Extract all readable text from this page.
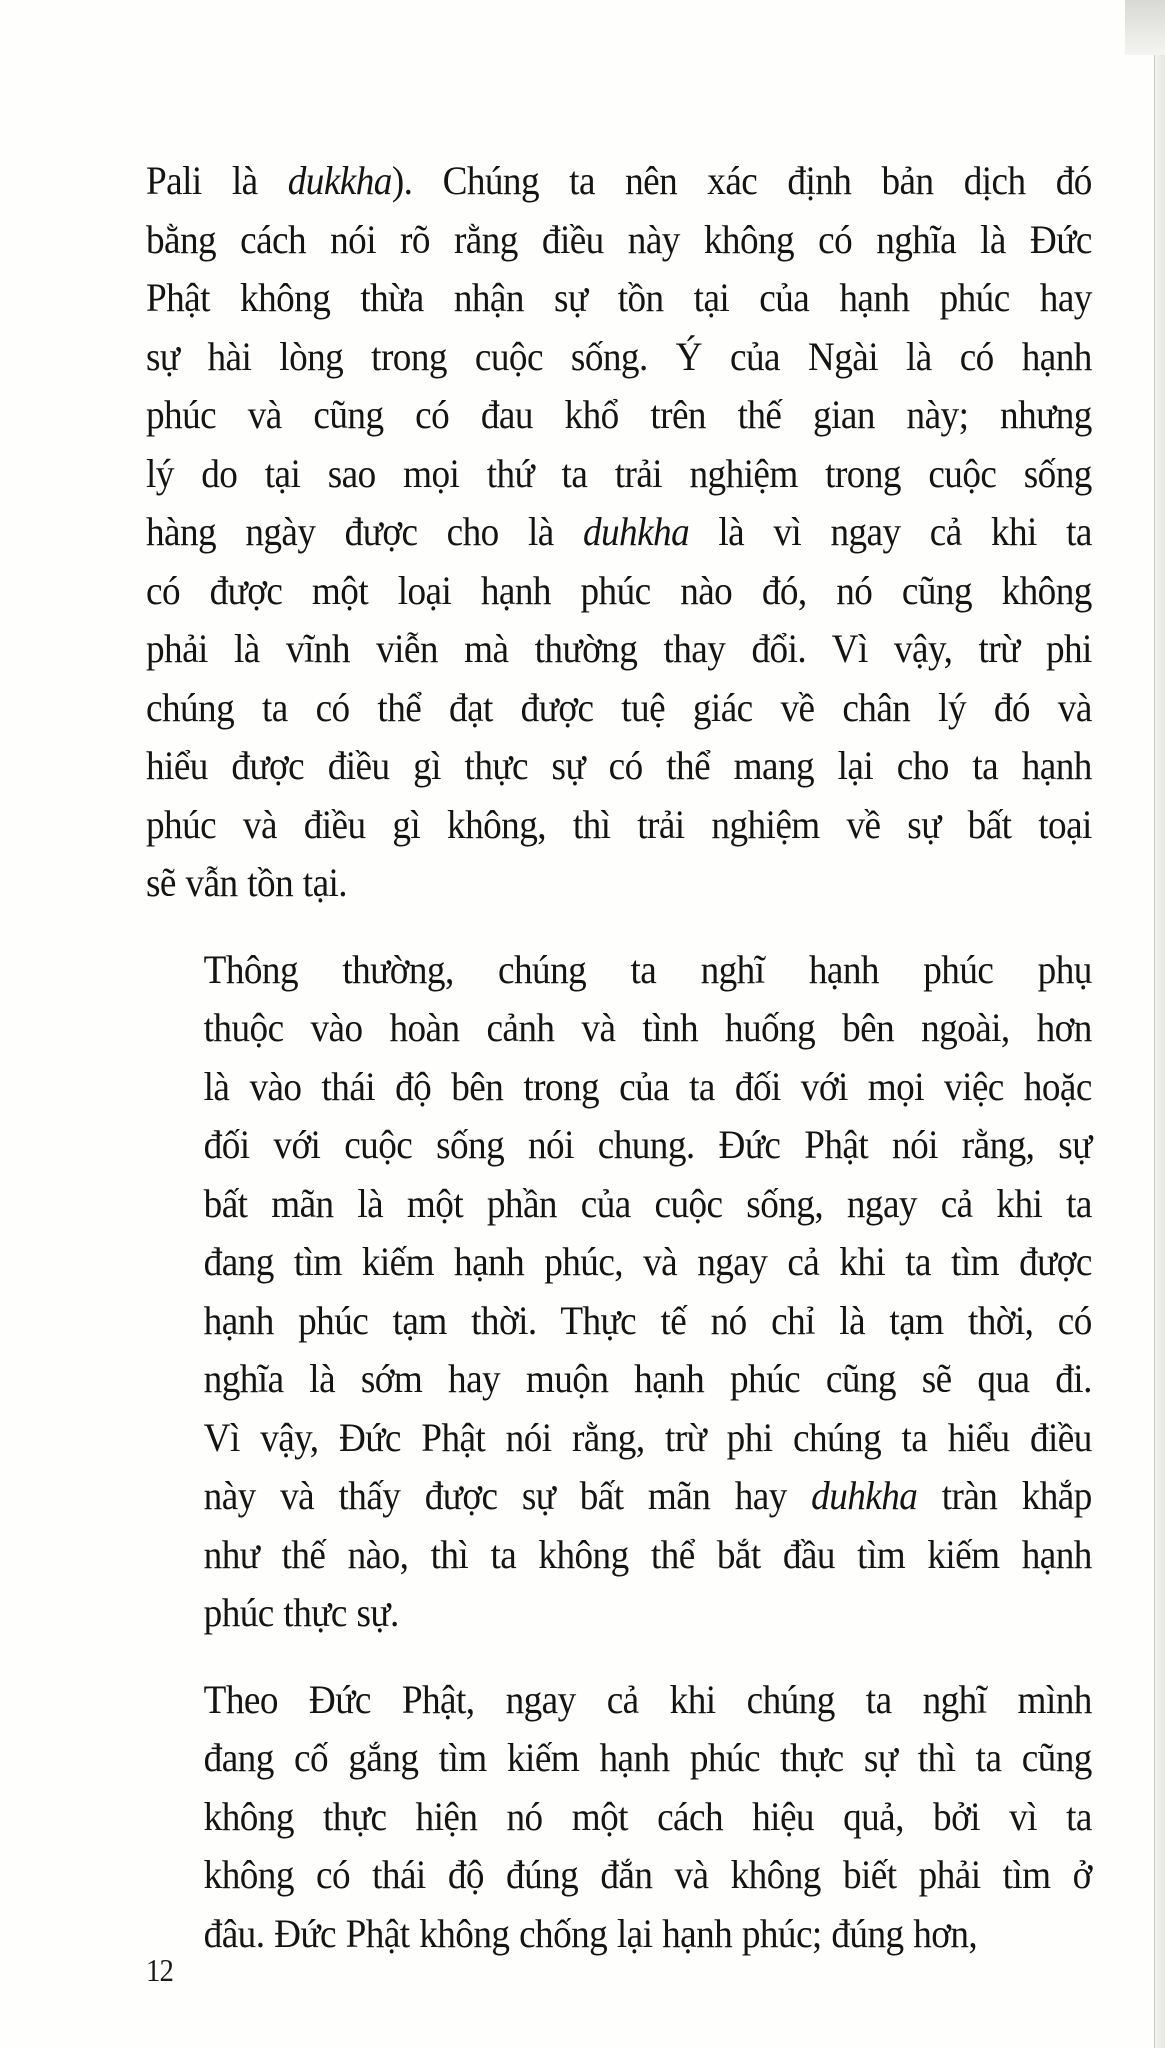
Pali là dukkha). Chúng ta nên xác định bản dịch đó
bằng cách nói rõ rằng điều này không có nghĩa là Đức
Phật không thừa nhận sự tồn tại của hạnh phúc hay
sự hài lòng trong cuộc sống. Ý của Ngài là có hạnh
phúc và cũng có đau khổ trên thế gian này; nhưng
lý do tại sao mọi thứ ta trải nghiệm trong cuộc sống
hàng ngày được cho là duhkha là vì ngay cả khi ta
có được một loại hạnh phúc nào đó, nó cũng không
phải là vĩnh viễn mà thường thay đổi. Vì vậy, trừ phi
chúng ta có thể đạt được tuệ giác về chân lý đó và
hiểu được điều gì thực sự có thể mang lại cho ta hạnh
phúc và điều gì không, thì trải nghiệm về sự bất toại
sẽ vẫn tồn tại.

Thông thường, chúng ta nghĩ hạnh phúc phụ
thuộc vào hoàn cảnh và tình huống bên ngoài, hơn
là vào thái độ bên trong của ta đối với mọi việc hoặc
đối với cuộc sống nói chung. Đức Phật nói rằng, sự
bất mãn là một phần của cuộc sống, ngay cả khi ta
đang tìm kiếm hạnh phúc, và ngay cả khi ta tìm được
hạnh phúc tạm thời. Thực tế nó chỉ là tạm thời, có
nghĩa là sớm hay muộn hạnh phúc cũng sẽ qua đi.
Vì vậy, Đức Phật nói rằng, trừ phi chúng ta hiểu điều
này và thấy được sự bất mãn hay duhkha tràn khắp
như thế nào, thì ta không thể bắt đầu tìm kiếm hạnh
phúc thực sự.

Theo Đức Phật, ngay cả khi chúng ta nghĩ mình
đang cố gắng tìm kiếm hạnh phúc thực sự thì ta cũng
không thực hiện nó một cách hiệu quả, bởi vì ta
không có thái độ đúng đắn và không biết phải tìm ở
đâu. Đức Phật không chống lại hạnh phúc; đúng hơn,

12
